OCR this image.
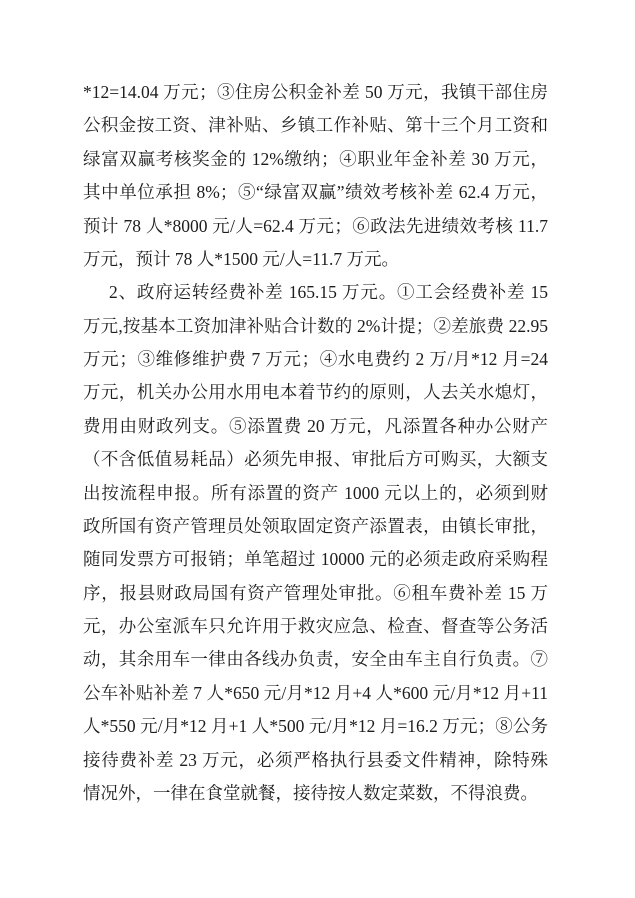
*12=14.04 万元；③住房公积金补差 50 万元，我镇干部住房
公积金按工资、津补贴、乡镇工作补贴、第十三个月工资和
绿富双赢考核奖金的 12%缴纳；④职业年金补差 30 万元，
其中单位承担 8%；⑤“绿富双赢”绩效考核补差 62.4 万元，
预计 78 人*8000 元/人=62.4 万元；⑥政法先进绩效考核 11.7
万元，预计 78 人*1500 元/人=11.7 万元。
2、政府运转经费补差 165.15 万元。①工会经费补差 15
万元,按基本工资加津补贴合计数的 2%计提；②差旅费 22.95
万元；③维修维护费 7 万元；④水电费约 2 万/月*12 月=24
万元，机关办公用水用电本着节约的原则，人去关水熄灯，
费用由财政列支。⑤添置费 20 万元，凡添置各种办公财产
（不含低值易耗品）必须先申报、审批后方可购买，大额支
出按流程申报。所有添置的资产 1000 元以上的，必须到财
政所国有资产管理员处领取固定资产添置表，由镇长审批，
随同发票方可报销；单笔超过 10000 元的必须走政府采购程
序，报县财政局国有资产管理处审批。⑥租车费补差 15 万
元，办公室派车只允许用于救灾应急、检查、督查等公务活
动，其余用车一律由各线办负责，安全由车主自行负责。⑦
公车补贴补差 7 人*650 元/月*12 月+4 人*600 元/月*12 月+11
人*550 元/月*12 月+1 人*500 元/月*12 月=16.2 万元；⑧公务
接待费补差 23 万元，必须严格执行县委文件精神，除特殊
情况外，一律在食堂就餐，接待按人数定菜数，不得浪费。
